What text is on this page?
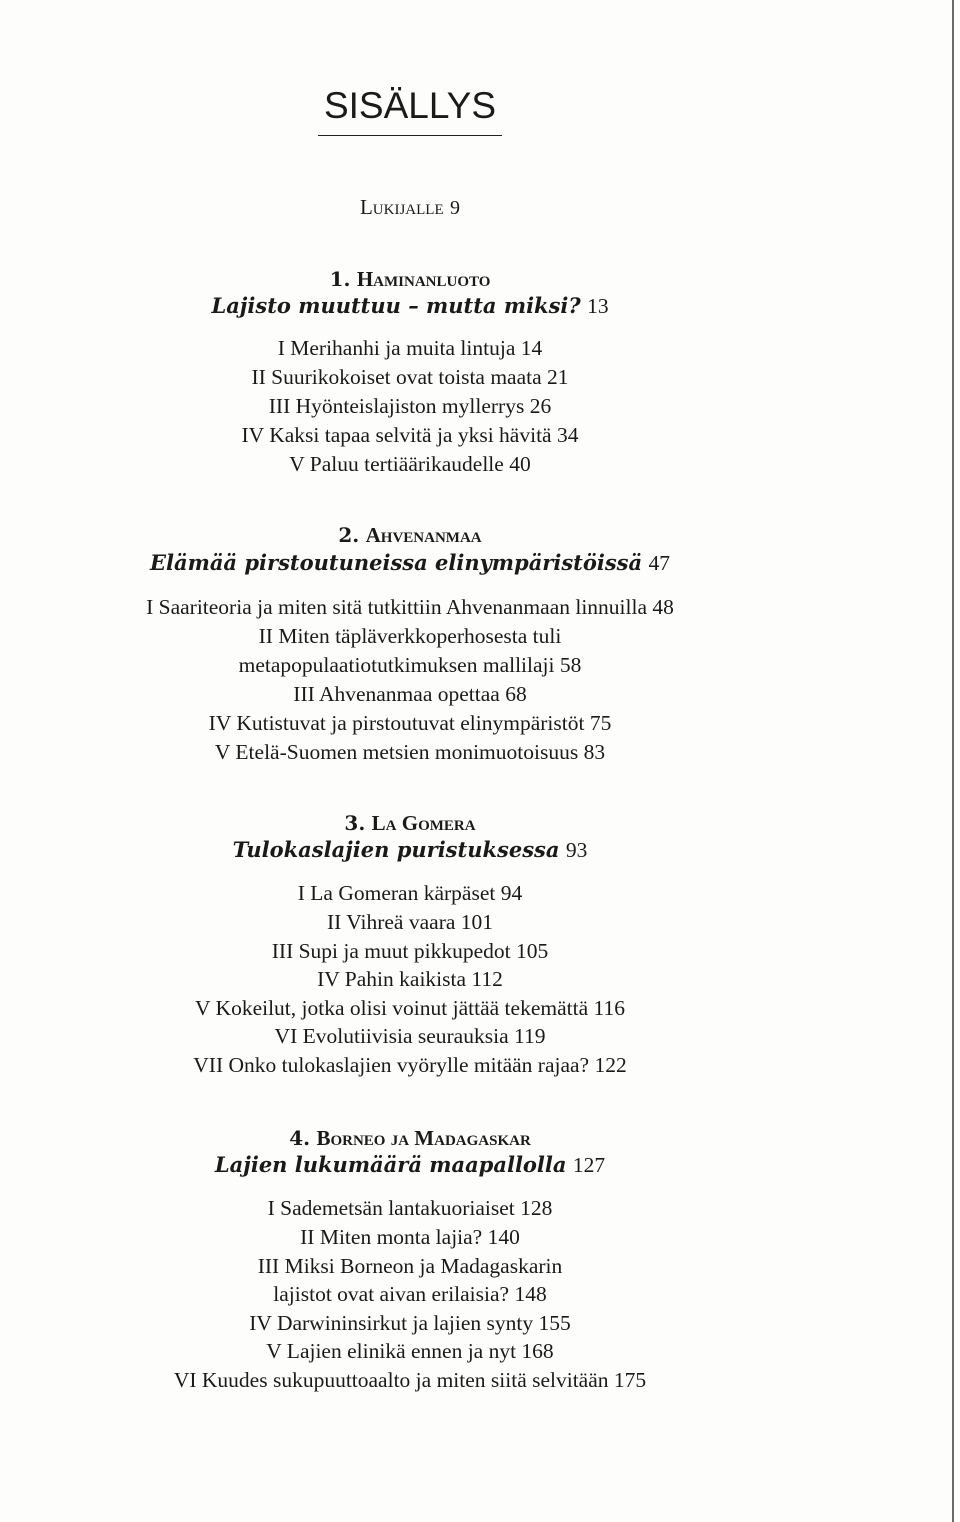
SISÄLLYS
Lukijalle 9
1. Haminanluoto
Lajisto muuttuu – mutta miksi? 13
I Merihanhi ja muita lintuja 14
II Suurikokoiset ovat toista maata 21
III Hyönteislajiston myllerrys 26
IV Kaksi tapaa selvitä ja yksi hävitä 34
V Paluu tertiäärikaudelle 40
2. Ahvenanmaa
Elämää pirstoutuneissa elinympäristöissä 47
I Saariteoria ja miten sitä tutkittiin Ahvenanmaan linnuilla 48
II Miten täpläverkkoperhosesta tuli
metapopulaatiotutkimuksen mallilaji 58
III Ahvenanmaa opettaa 68
IV Kutistuvat ja pirstoutuvat elinympäristöt 75
V Etelä-Suomen metsien monimuotoisuus 83
3. La Gomera
Tulokaslajien puristuksessa 93
I La Gomeran kärpäset 94
II Vihreä vaara 101
III Supi ja muut pikkupedot 105
IV Pahin kaikista 112
V Kokeilut, jotka olisi voinut jättää tekemättä 116
VI Evolutiivisia seurauksia 119
VII Onko tulokaslajien vyörylle mitään rajaa? 122
4. Borneo ja Madagaskar
Lajien lukumäärä maapallolla 127
I Sademetsän lantakuoriaiset 128
II Miten monta lajia? 140
III Miksi Borneon ja Madagaskarin
lajistot ovat aivan erilaisia? 148
IV Darwininsirkut ja lajien synty 155
V Lajien elinikä ennen ja nyt 168
VI Kuudes sukupuuttoaalto ja miten siitä selvitään 175
